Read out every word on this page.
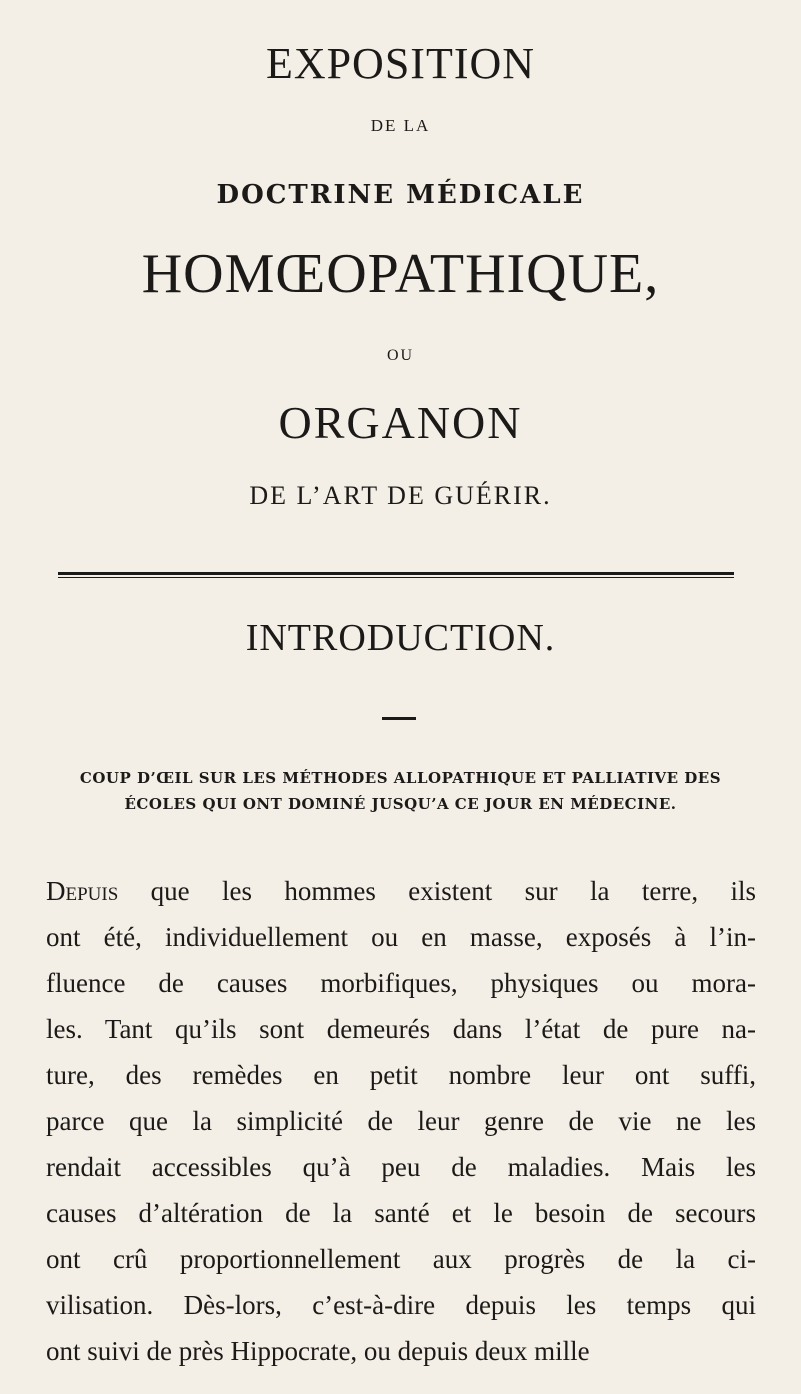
EXPOSITION
DE LA
DOCTRINE MÉDICALE
HOMŒOPATHIQUE,
OU
ORGANON
DE L’ART DE GUÉRIR.
INTRODUCTION.
COUP D’ŒIL SUR LES MÉTHODES ALLOPATHIQUE ET PALLIATIVE DES
ÉCOLES QUI ONT DOMINÉ JUSQU’A CE JOUR EN MÉDECINE.
Depuis que les hommes existent sur la terre, ils
ont été, individuellement ou en masse, exposés à l’in-
fluence de causes morbifiques, physiques ou mora-
les. Tant qu’ils sont demeurés dans l’état de pure na-
ture, des remèdes en petit nombre leur ont suffi,
parce que la simplicité de leur genre de vie ne les
rendait accessibles qu’à peu de maladies. Mais les
causes d’altération de la santé et le besoin de secours
ont crû proportionnellement aux progrès de la ci-
vilisation. Dès-lors, c’est-à-dire depuis les temps qui
ont suivi de près Hippocrate, ou depuis deux mille
